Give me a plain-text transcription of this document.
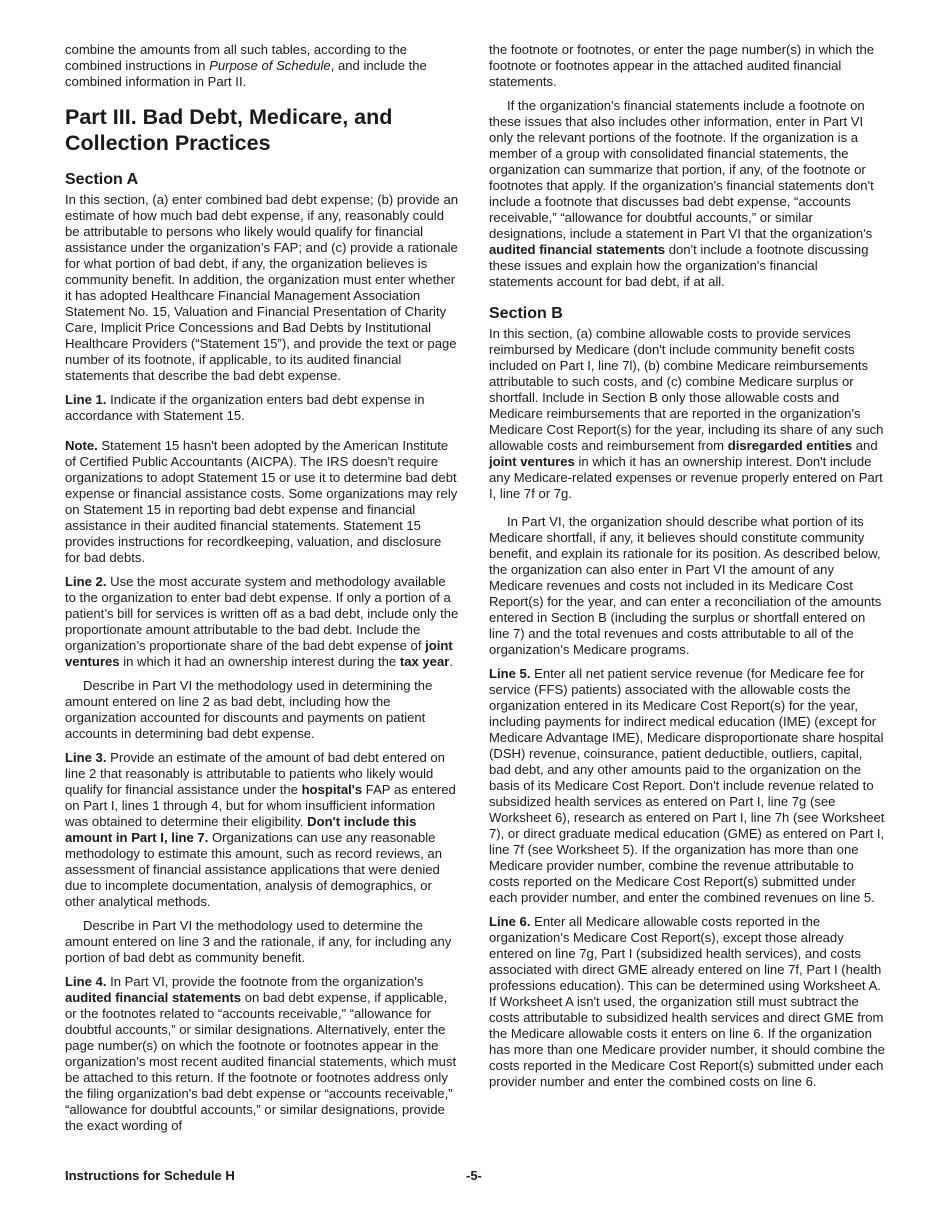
combine the amounts from all such tables, according to the combined instructions in Purpose of Schedule, and include the combined information in Part II.

Part III. Bad Debt, Medicare, and Collection Practices
Section A

In this section, (a) enter combined bad debt expense; (b) provide an estimate of how much bad debt expense, if any, reasonably could be attributable to persons who likely would qualify for financial assistance under the organization’s FAP; and (c) provide a rationale for what portion of bad debt, if any, the organization believes is community benefit. In addition, the organization must enter whether it has adopted Healthcare Financial Management Association Statement No. 15, Valuation and Financial Presentation of Charity Care, Implicit Price Concessions and Bad Debts by Institutional Healthcare Providers (“Statement 15”), and provide the text or page number of its footnote, if applicable, to its audited financial statements that describe the bad debt expense.

Line 1. Indicate if the organization enters bad debt expense in accordance with Statement 15.

Note. Statement 15 hasn't been adopted by the American Institute of Certified Public Accountants (AICPA). The IRS doesn't require organizations to adopt Statement 15 or use it to determine bad debt expense or financial assistance costs. Some organizations may rely on Statement 15 in reporting bad debt expense and financial assistance in their audited financial statements. Statement 15 provides instructions for recordkeeping, valuation, and disclosure for bad debts.

Line 2. Use the most accurate system and methodology available to the organization to enter bad debt expense. If only a portion of a patient’s bill for services is written off as a bad debt, include only the proportionate amount attributable to the bad debt. Include the organization’s proportionate share of the bad debt expense of joint ventures in which it had an ownership interest during the tax year.

Describe in Part VI the methodology used in determining the amount entered on line 2 as bad debt, including how the organization accounted for discounts and payments on patient accounts in determining bad debt expense.

Line 3. Provide an estimate of the amount of bad debt entered on line 2 that reasonably is attributable to patients who likely would qualify for financial assistance under the hospital's FAP as entered on Part I, lines 1 through 4, but for whom insufficient information was obtained to determine their eligibility. Don't include this amount in Part I, line 7. Organizations can use any reasonable methodology to estimate this amount, such as record reviews, an assessment of financial assistance applications that were denied due to incomplete documentation, analysis of demographics, or other analytical methods.

Describe in Part VI the methodology used to determine the amount entered on line 3 and the rationale, if any, for including any portion of bad debt as community benefit.

Line 4. In Part VI, provide the footnote from the organization's audited financial statements on bad debt expense, if applicable, or the footnotes related to “accounts receivable,” “allowance for doubtful accounts,” or similar designations. Alternatively, enter the page number(s) on which the footnote or footnotes appear in the organization's most recent audited financial statements, which must be attached to this return. If the footnote or footnotes address only the filing organization's bad debt expense or “accounts receivable,” “allowance for doubtful accounts,” or similar designations, provide the exact wording of

the footnote or footnotes, or enter the page number(s) in which the footnote or footnotes appear in the attached audited financial statements.

If the organization's financial statements include a footnote on these issues that also includes other information, enter in Part VI only the relevant portions of the footnote. If the organization is a member of a group with consolidated financial statements, the organization can summarize that portion, if any, of the footnote or footnotes that apply. If the organization's financial statements don't include a footnote that discusses bad debt expense, “accounts receivable,” “allowance for doubtful accounts,” or similar designations, include a statement in Part VI that the organization's audited financial statements don't include a footnote discussing these issues and explain how the organization's financial statements account for bad debt, if at all.

Section B

In this section, (a) combine allowable costs to provide services reimbursed by Medicare (don't include community benefit costs included on Part I, line 7l), (b) combine Medicare reimbursements attributable to such costs, and (c) combine Medicare surplus or shortfall. Include in Section B only those allowable costs and Medicare reimbursements that are reported in the organization's Medicare Cost Report(s) for the year, including its share of any such allowable costs and reimbursement from disregarded entities and joint ventures in which it has an ownership interest. Don't include any Medicare-related expenses or revenue properly entered on Part I, line 7f or 7g.

In Part VI, the organization should describe what portion of its Medicare shortfall, if any, it believes should constitute community benefit, and explain its rationale for its position. As described below, the organization can also enter in Part VI the amount of any Medicare revenues and costs not included in its Medicare Cost Report(s) for the year, and can enter a reconciliation of the amounts entered in Section B (including the surplus or shortfall entered on line 7) and the total revenues and costs attributable to all of the organization's Medicare programs.

Line 5. Enter all net patient service revenue (for Medicare fee for service (FFS) patients) associated with the allowable costs the organization entered in its Medicare Cost Report(s) for the year, including payments for indirect medical education (IME) (except for Medicare Advantage IME), Medicare disproportionate share hospital (DSH) revenue, coinsurance, patient deductible, outliers, capital, bad debt, and any other amounts paid to the organization on the basis of its Medicare Cost Report. Don't include revenue related to subsidized health services as entered on Part I, line 7g (see Worksheet 6), research as entered on Part I, line 7h (see Worksheet 7), or direct graduate medical education (GME) as entered on Part I, line 7f (see Worksheet 5). If the organization has more than one Medicare provider number, combine the revenue attributable to costs reported on the Medicare Cost Report(s) submitted under each provider number, and enter the combined revenues on line 5.

Line 6. Enter all Medicare allowable costs reported in the organization's Medicare Cost Report(s), except those already entered on line 7g, Part I (subsidized health services), and costs associated with direct GME already entered on line 7f, Part I (health professions education). This can be determined using Worksheet A. If Worksheet A isn't used, the organization still must subtract the costs attributable to subsidized health services and direct GME from the Medicare allowable costs it enters on line 6. If the organization has more than one Medicare provider number, it should combine the costs reported in the Medicare Cost Report(s) submitted under each provider number and enter the combined costs on line 6.

Instructions for Schedule H	-5-
